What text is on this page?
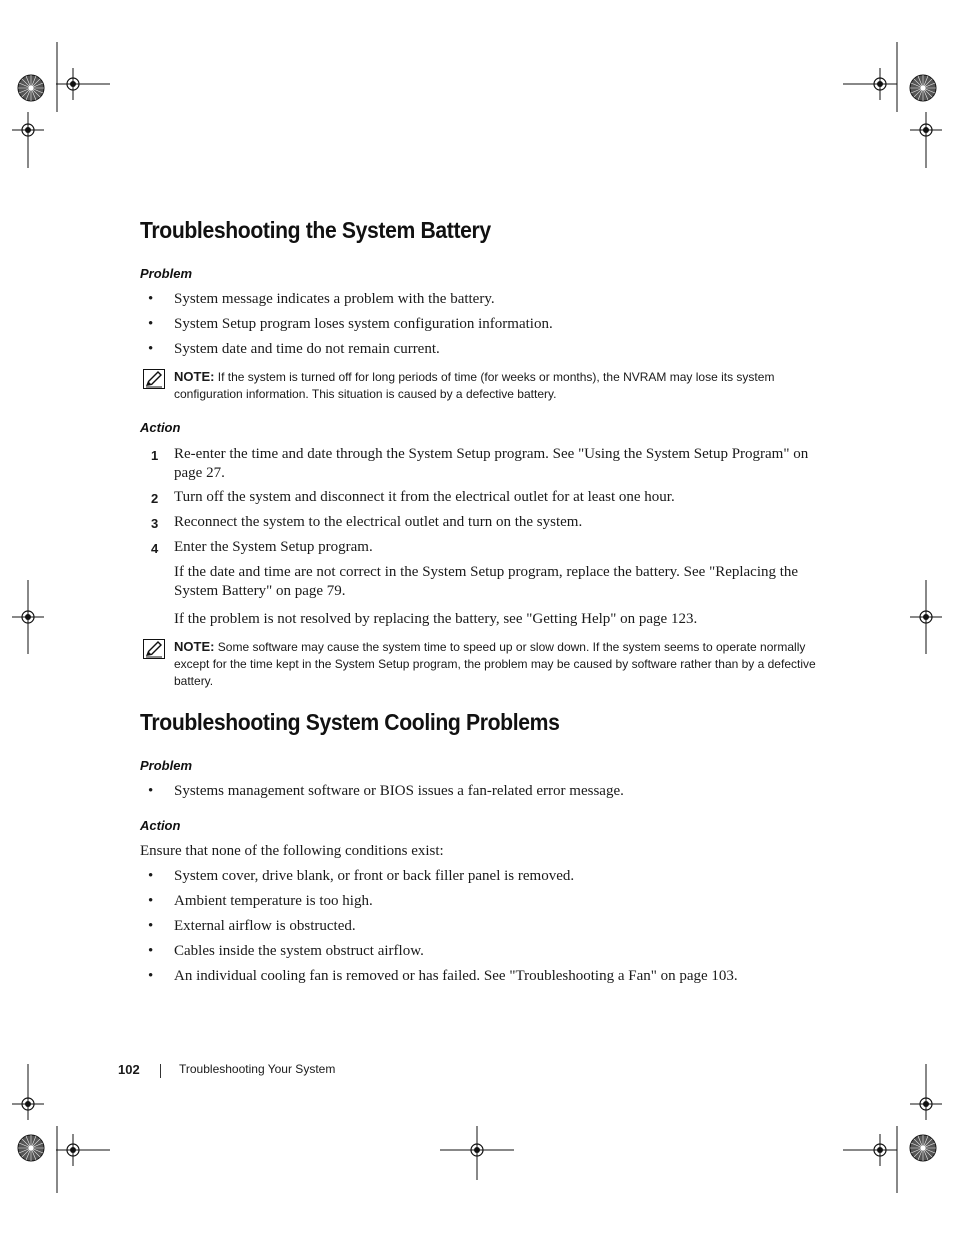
Troubleshooting the System Battery
Problem
• System message indicates a problem with the battery.
• System Setup program loses system configuration information.
• System date and time do not remain current.
NOTE: If the system is turned off for long periods of time (for weeks or months), the NVRAM may lose its system configuration information. This situation is caused by a defective battery.
Action
1 Re-enter the time and date through the System Setup program. See "Using the System Setup Program" on page 27.
2 Turn off the system and disconnect it from the electrical outlet for at least one hour.
3 Reconnect the system to the electrical outlet and turn on the system.
4 Enter the System Setup program.
If the date and time are not correct in the System Setup program, replace the battery. See "Replacing the System Battery" on page 79.
If the problem is not resolved by replacing the battery, see "Getting Help" on page 123.
NOTE: Some software may cause the system time to speed up or slow down. If the system seems to operate normally except for the time kept in the System Setup program, the problem may be caused by software rather than by a defective battery.
Troubleshooting System Cooling Problems
Problem
• Systems management software or BIOS issues a fan-related error message.
Action
Ensure that none of the following conditions exist:
• System cover, drive blank, or front or back filler panel is removed.
• Ambient temperature is too high.
• External airflow is obstructed.
• Cables inside the system obstruct airflow.
• An individual cooling fan is removed or has failed. See "Troubleshooting a Fan" on page 103.
102	Troubleshooting Your System
